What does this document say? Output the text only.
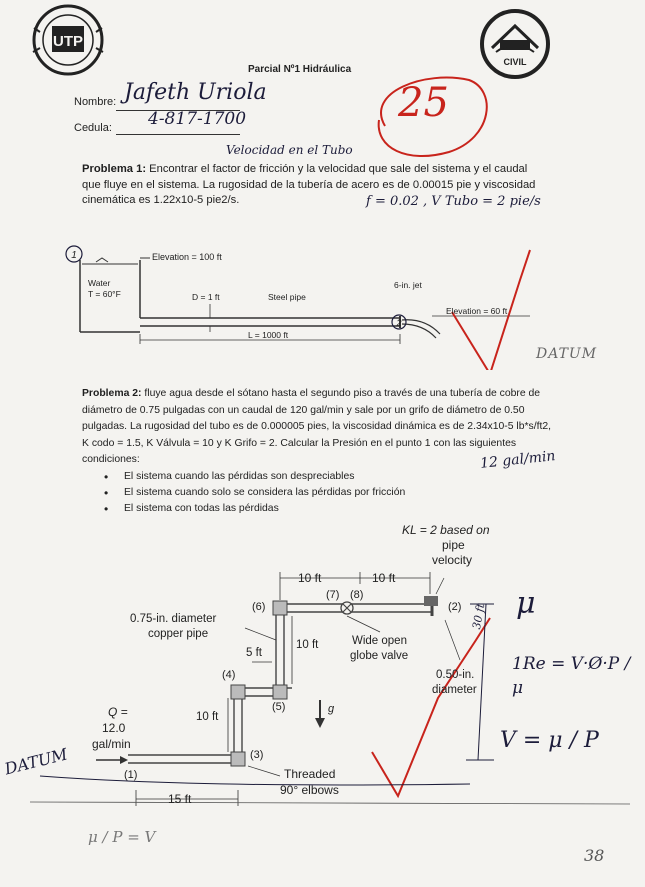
UTP
CIVIL
Parcial Nº1 Hidráulica
Nombre: Jafeth Uriola
Cedula: 4-817-1700	25
Velocidad en el Tubo
Problema 1: Encontrar el factor de fricción y la velocidad que sale del sistema y el caudal que fluye en el sistema. La rugosidad de la tubería de acero es de 0.00015 pie y viscosidad cinemática es 1.22x10-5 pie2/s.	f = 0.02 , V Tubo = 2 pie/s
1
2
Elevation = 100 ft
Water
T = 60°F	D = 1 ft	Steel pipe
L = 1000 ft
6-in. jet
Elevation = 60 ft
DATUM
Problema 2: fluye agua desde el sótano hasta el segundo piso a través de una tubería de cobre de diámetro de 0.75 pulgadas con un caudal de 120 gal/min y sale por un grifo de diámetro de 0.50 pulgadas. La rugosidad del tubo es de 0.000005 pies, la viscosidad dinámica es de 2.34x10-5 lb*s/ft2, K codo = 1.5, K Válvula = 10 y K Grifo = 2. Calcular la Presión en el punto 1 con las siguientes condiciones:
• El sistema cuando las pérdidas son despreciables
• El sistema cuando solo se considera las pérdidas por fricción
• El sistema con todas las pérdidas
12 gal/min
KL = 2 based on
pipe
velocity
10 ft	10 ft
(7) (8)
(6)	(2)
0.75-in. diameter
copper pipe
10 ft
5 ft
Wide open
globe valve
0.50-in.
diameter
(4)
(5)
10 ft
Q =
12.0
gal/min
g
(3)
(1)	Threaded
90° elbows
15 ft
DATUM
30 ft μ
1Re = V·Ø·P / μ
V = μ / P
μ / P = V
38
